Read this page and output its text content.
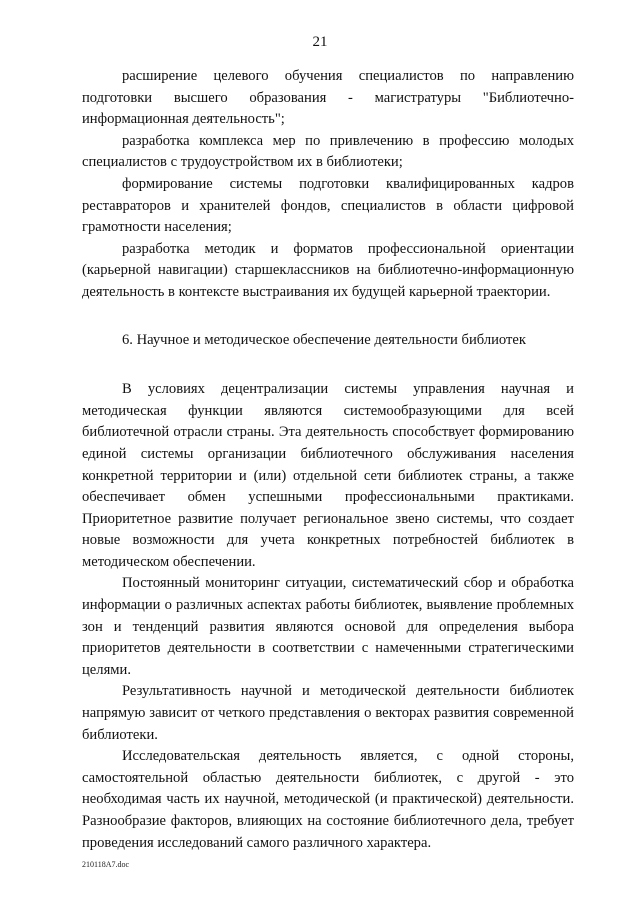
21

расширение целевого обучения специалистов по направлению подготовки высшего образования - магистратуры "Библиотечно-информационная деятельность";

разработка комплекса мер по привлечению в профессию молодых специалистов с трудоустройством их в библиотеки;

формирование системы подготовки квалифицированных кадров реставраторов и хранителей фондов, специалистов в области цифровой грамотности населения;

разработка методик и форматов профессиональной ориентации (карьерной навигации) старшеклассников на библиотечно-информационную деятельность в контексте выстраивания их будущей карьерной траектории.

6. Научное и методическое обеспечение деятельности библиотек

В условиях децентрализации системы управления научная и методическая функции являются системообразующими для всей библиотечной отрасли страны. Эта деятельность способствует формированию единой системы организации библиотечного обслуживания населения конкретной территории и (или) отдельной сети библиотек страны, а также обеспечивает обмен успешными профессиональными практиками. Приоритетное развитие получает региональное звено системы, что создает новые возможности для учета конкретных потребностей библиотек в методическом обеспечении.

Постоянный мониторинг ситуации, систематический сбор и обработка информации о различных аспектах работы библиотек, выявление проблемных зон и тенденций развития являются основой для определения выбора приоритетов деятельности в соответствии с намеченными стратегическими целями.

Результативность научной и методической деятельности библиотек напрямую зависит от четкого представления о векторах развития современной библиотеки.

Исследовательская деятельность является, с одной стороны, самостоятельной областью деятельности библиотек, с другой - это необходимая часть их научной, методической (и практической) деятельности. Разнообразие факторов, влияющих на состояние библиотечного дела, требует проведения исследований самого различного характера.

210118A7.doc
